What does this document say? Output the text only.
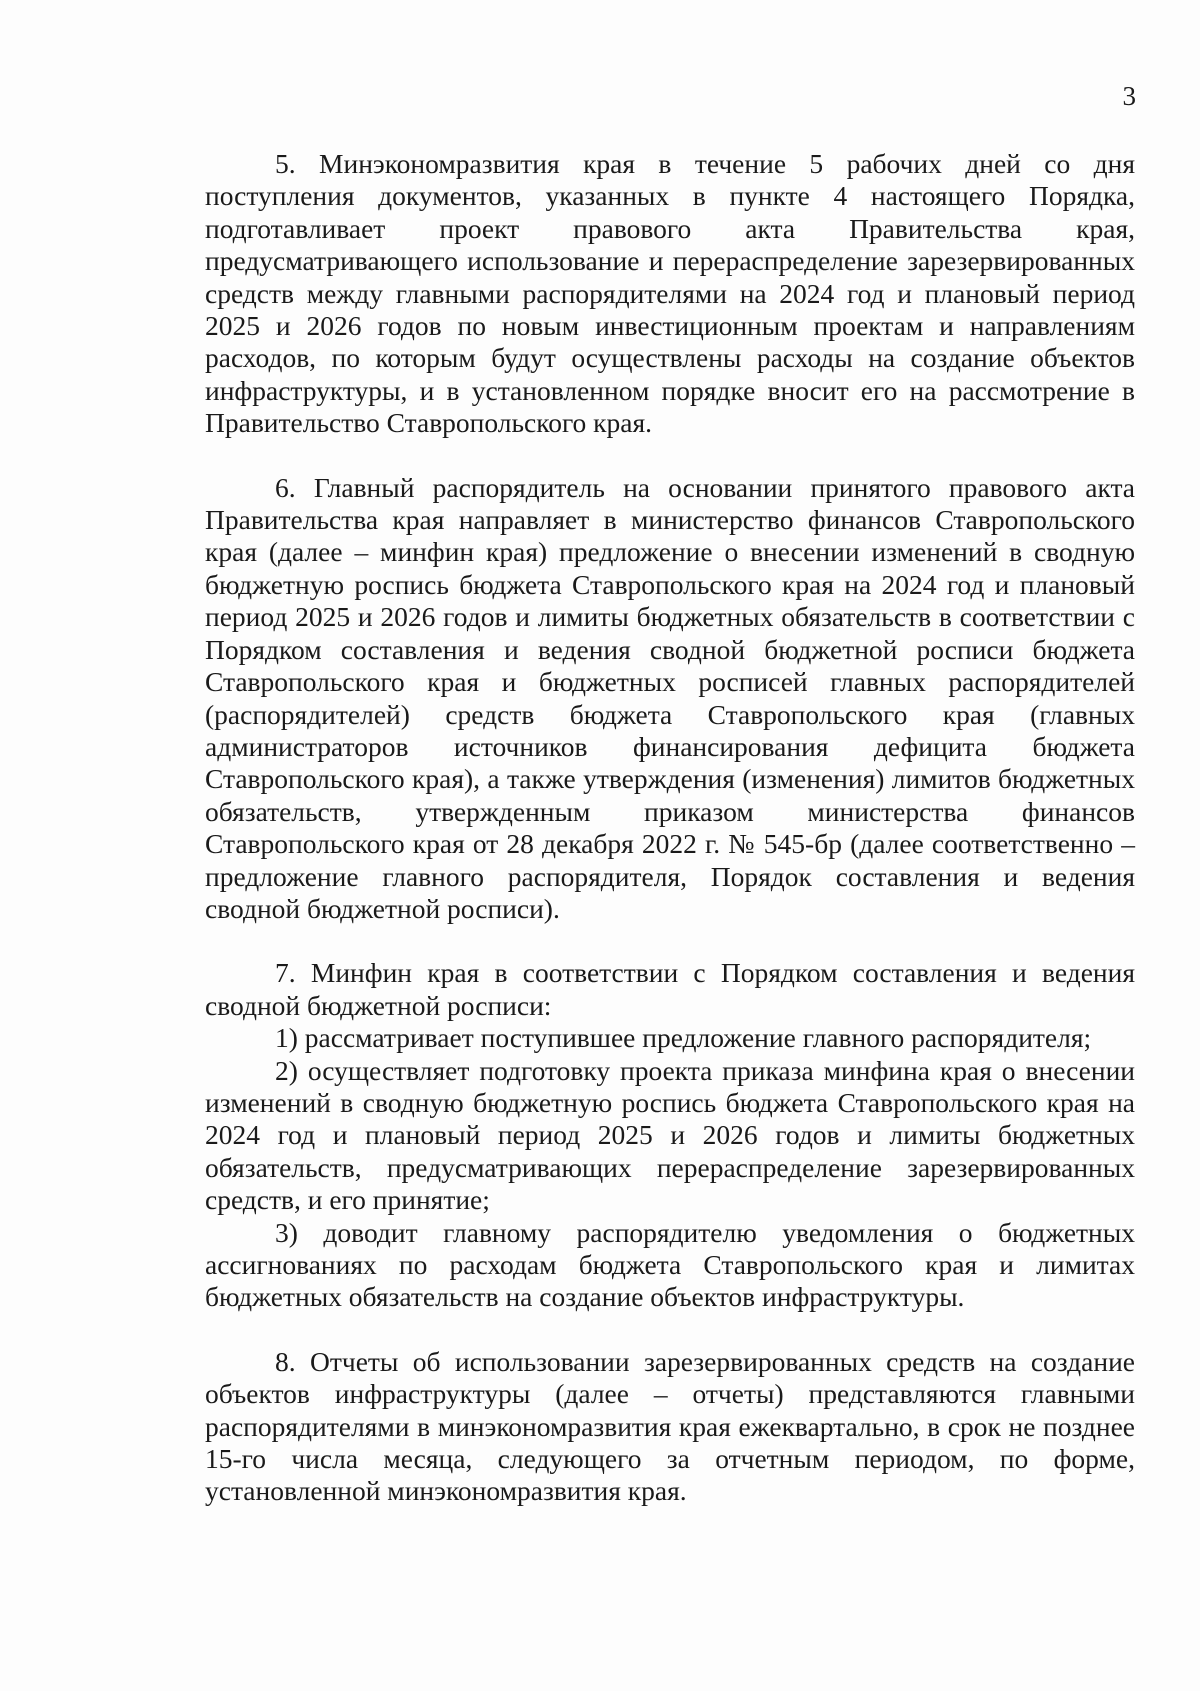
3

5. Минэкономразвития края в течение 5 рабочих дней со дня поступления документов, указанных в пункте 4 настоящего Порядка, подготавливает проект правового акта Правительства края, предусматривающего использование и перераспределение зарезервированных средств между главными распорядителями на 2024 год и плановый период 2025 и 2026 годов по новым инвестиционным проектам и направлениям расходов, по которым будут осуществлены расходы на создание объектов инфраструктуры, и в установленном порядке вносит его на рассмотрение в Правительство Ставропольского края.

6. Главный распорядитель на основании принятого правового акта Правительства края направляет в министерство финансов Ставропольского края (далее – минфин края) предложение о внесении изменений в сводную бюджетную роспись бюджета Ставропольского края на 2024 год и плановый период 2025 и 2026 годов и лимиты бюджетных обязательств в соответствии с Порядком составления и ведения сводной бюджетной росписи бюджета Ставропольского края и бюджетных росписей главных распорядителей (распорядителей) средств бюджета Ставропольского края (главных администраторов источников финансирования дефицита бюджета Ставропольского края), а также утверждения (изменения) лимитов бюджетных обязательств, утвержденным приказом министерства финансов Ставропольского края от 28 декабря 2022 г. № 545-бр (далее соответственно – предложение главного распорядителя, Порядок составления и ведения сводной бюджетной росписи).

7. Минфин края в соответствии с Порядком составления и ведения сводной бюджетной росписи:

1) рассматривает поступившее предложение главного распорядителя;

2) осуществляет подготовку проекта приказа минфина края о внесении изменений в сводную бюджетную роспись бюджета Ставропольского края на 2024 год и плановый период 2025 и 2026 годов и лимиты бюджетных обязательств, предусматривающих перераспределение зарезервированных средств, и его принятие;

3) доводит главному распорядителю уведомления о бюджетных ассигнованиях по расходам бюджета Ставропольского края и лимитах бюджетных обязательств на создание объектов инфраструктуры.

8. Отчеты об использовании зарезервированных средств на создание объектов инфраструктуры (далее – отчеты) представляются главными распорядителями в минэкономразвития края ежеквартально, в срок не позднее 15-го числа месяца, следующего за отчетным периодом, по форме, установленной минэкономразвития края.
